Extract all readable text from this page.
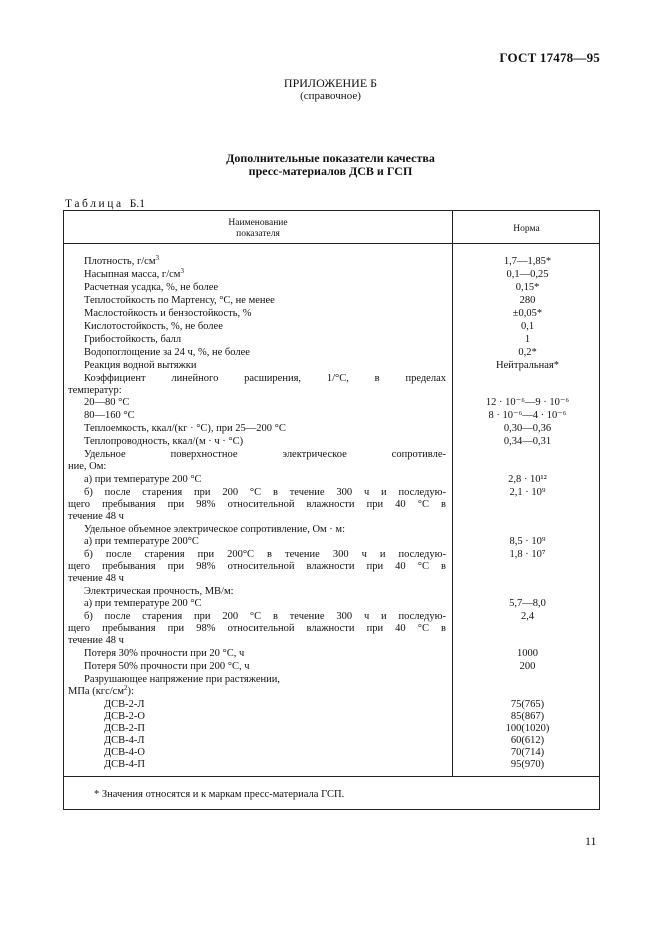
ГОСТ 17478—95
ПРИЛОЖЕНИЕ Б
(справочное)
Дополнительные показатели качества
пресс-материалов ДСВ и ГСП
Таблица Б.1
Наименование
показателя	Норма
Плотность, $г/см^3$	1,7—1,85*
Насыпная масса, $г/см^3$	0,1—0,25
Расчетная усадка, %, не более	0,15*
Теплостойкость по Мартенсу, °С, не менее	280
Маслостойкость и бензостойкость, %	±0,05*
Кислотостойкость, %, не более	0,1
Грибостойкость, балл	1
Водопоглощение за 24 ч, %, не более	0,2*
Реакция водной вытяжки	Нейтральная*
Коэффициент линейного расширения, 1/°С, в пределах
температур:
20—80 °С	12 · 10⁻⁶—9 · 10⁻⁶
80—160 °С	8 · 10⁻⁶—4 · 10⁻⁶
Теплоемкость, ккал/(кг · °С), при 25—200 °С	0,30—0,36
Теплопроводность, ккал/(м · ч · °С)	0,34—0,31
Удельное поверхностное электрическое сопротивле-
ние, Ом:
а) при температуре 200 °С	2,8 · 10¹²
б) после старения при 200 °С в течение 300 ч и последую-	2,1 · 10⁹
щего пребывания при 98% относительной влажности при 40 °С в
течение 48 ч
Удельное объемное электрическое сопротивление, Ом · м:
а) при температуре 200°С	8,5 · 10⁹
б) после старения при 200°С в течение 300 ч и последую-	1,8 · 10⁷
щего пребывания при 98% относительной влажности при 40 °С в
течение 48 ч
Электрическая прочность, МВ/м:
а) при температуре 200 °С	5,7—8,0
б) после старения при 200 °С в течение 300 ч и последую-	2,4
щего пребывания при 98% относительной влажности при 40 °С в
течение 48 ч
Потеря 30% прочности при 20 °С, ч	1000
Потеря 50% прочности при 200 °С, ч	200
Разрушающее напряжение при растяжении,
МПа $(кгс/см^2)$:
ДСВ-2-Л	75(765)
ДСВ-2-О	85(867)
ДСВ-2-П	100(1020)
ДСВ-4-Л	60(612)
ДСВ-4-О	70(714)
ДСВ-4-П	95(970)
* Значения относятся и к маркам пресс-материала ГСП.
11
